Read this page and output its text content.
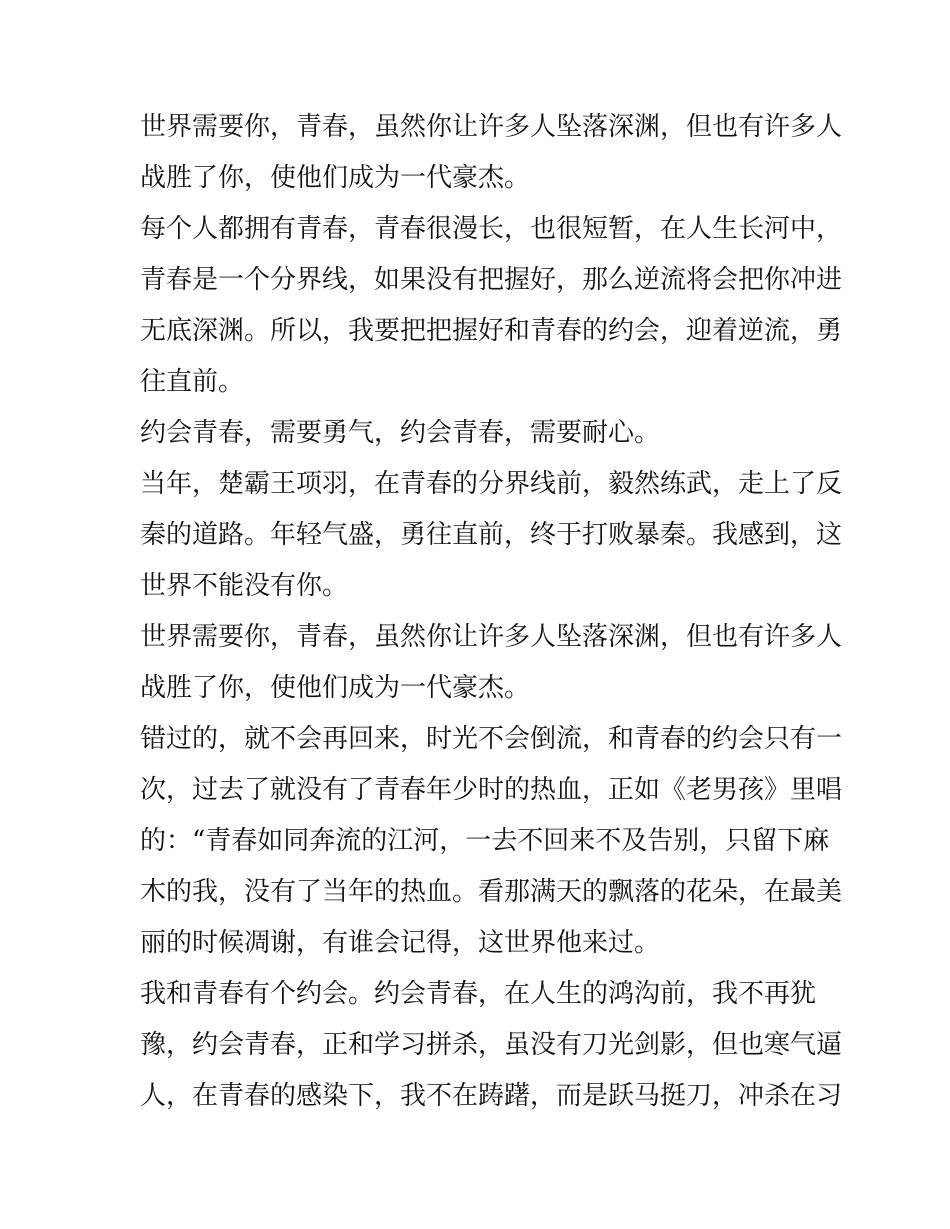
世界需要你，青春，虽然你让许多人坠落深渊，但也有许多人
战胜了你，使他们成为一代豪杰。
每个人都拥有青春，青春很漫长，也很短暂，在人生长河中，
青春是一个分界线，如果没有把握好，那么逆流将会把你冲进
无底深渊。所以，我要把把握好和青春的约会，迎着逆流，勇
往直前。
约会青春，需要勇气，约会青春，需要耐心。
当年，楚霸王项羽，在青春的分界线前，毅然练武，走上了反
秦的道路。年轻气盛，勇往直前，终于打败暴秦。我感到，这
世界不能没有你。
世界需要你，青春，虽然你让许多人坠落深渊，但也有许多人
战胜了你，使他们成为一代豪杰。
错过的，就不会再回来，时光不会倒流，和青春的约会只有一
次，过去了就没有了青春年少时的热血，正如《老男孩》里唱
的：“青春如同奔流的江河，一去不回来不及告别，只留下麻
木的我，没有了当年的热血。看那满天的飘落的花朵，在最美
丽的时候凋谢，有谁会记得，这世界他来过。
我和青春有个约会。约会青春，在人生的鸿沟前，我不再犹
豫，约会青春，正和学习拼杀，虽没有刀光剑影，但也寒气逼
人，在青春的感染下，我不在踌躇，而是跃马挺刀，冲杀在习
